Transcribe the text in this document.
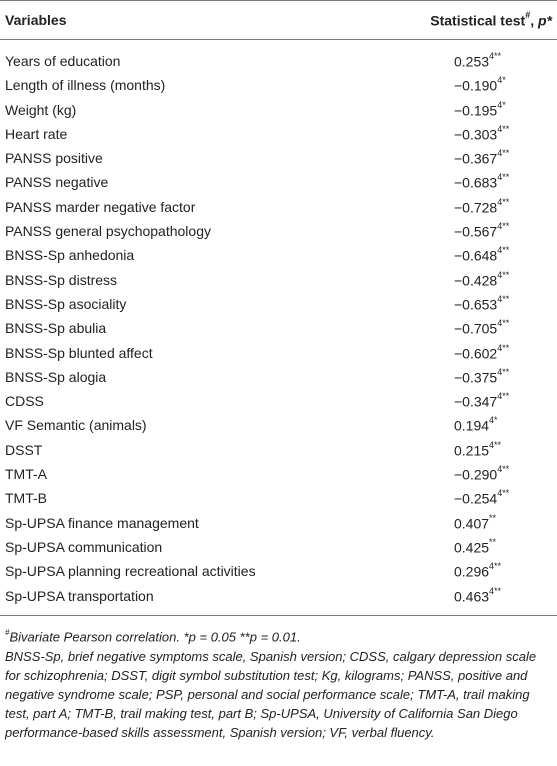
Variables	Statistical test#, p*
Years of education	$0.253^{4**}$
Length of illness (months)	$-0.190^{4*}$
Weight (kg)	$-0.195^{4*}$
Heart rate	$-0.303^{4**}$
PANSS positive	$-0.367^{4**}$
PANSS negative	$-0.683^{4**}$
PANSS marder negative factor	$-0.728^{4**}$
PANSS general psychopathology	$-0.567^{4**}$
BNSS-Sp anhedonia	$-0.648^{4**}$
BNSS-Sp distress	$-0.428^{4**}$
BNSS-Sp asociality	$-0.653^{4**}$
BNSS-Sp abulia	$-0.705^{4**}$
BNSS-Sp blunted affect	$-0.602^{4**}$
BNSS-Sp alogia	$-0.375^{4**}$
CDSS	$-0.347^{4**}$
VF Semantic (animals)	$0.194^{4*}$
DSST	$0.215^{4**}$
TMT-A	$-0.290^{4**}$
TMT-B	$-0.254^{4**}$
Sp-UPSA finance management	0.407**
Sp-UPSA communication	0.425**
Sp-UPSA planning recreational activities	$0.296^{4**}$
Sp-UPSA transportation	$0.463^{4**}$

#Bivariate Pearson correlation. *p = 0.05 **p = 0.01.

BNSS-Sp, brief negative symptoms scale, Spanish version; CDSS, calgary depression scale for schizophrenia; DSST, digit symbol substitution test; Kg, kilograms; PANSS, positive and negative syndrome scale; PSP, personal and social performance scale; TMT-A, trail making test, part A; TMT-B, trail making test, part B; Sp-UPSA, University of California San Diego performance-based skills assessment, Spanish version; VF, verbal fluency.
